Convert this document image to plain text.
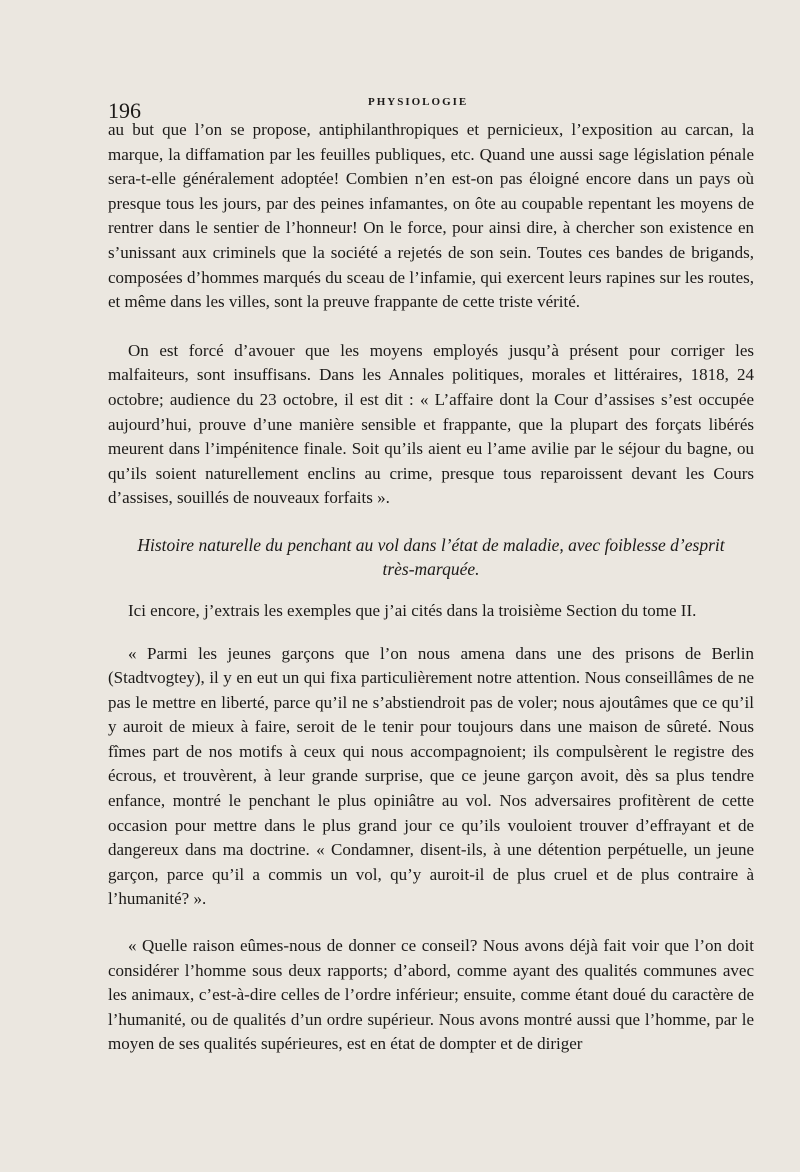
196	PHYSIOLOGIE

au but que l’on se propose, antiphilanthropiques et pernicieux, l’exposition au carcan, la marque, la diffamation par les feuilles publiques, etc. Quand une aussi sage législation pénale sera-t-elle généralement adoptée! Combien n’en est-on pas éloigné encore dans un pays où presque tous les jours, par des peines infamantes, on ôte au coupable repentant les moyens de rentrer dans le sentier de l’honneur! On le force, pour ainsi dire, à chercher son existence en s’unissant aux criminels que la société a rejetés de son sein. Toutes ces bandes de brigands, composées d’hommes marqués du sceau de l’infamie, qui exercent leurs rapines sur les routes, et même dans les villes, sont la preuve frappante de cette triste vérité.

On est forcé d’avouer que les moyens employés jusqu’à présent pour corriger les malfaiteurs, sont insuffisans. Dans les Annales politiques, morales et littéraires, 1818, 24 octobre; audience du 23 octobre, il est dit : « L’affaire dont la Cour d’assises s’est occupée aujourd’hui, prouve d’une manière sensible et frappante, que la plupart des forçats libérés meurent dans l’impénitence finale. Soit qu’ils aient eu l’ame avilie par le séjour du bagne, ou qu’ils soient naturellement enclins au crime, presque tous reparoissent devant les Cours d’assises, souillés de nouveaux forfaits ».

Histoire naturelle du penchant au vol dans l’état de maladie, avec foiblesse d’esprit

très-marquée.

Ici encore, j’extrais les exemples que j’ai cités dans la troisième Section du tome II.

« Parmi les jeunes garçons que l’on nous amena dans une des prisons de Berlin (Stadtvogtey), il y en eut un qui fixa particulièrement notre attention. Nous conseillâmes de ne pas le mettre en liberté, parce qu’il ne s’abstiendroit pas de voler; nous ajoutâmes que ce qu’il y auroit de mieux à faire, seroit de le tenir pour toujours dans une maison de sûreté. Nous fîmes part de nos motifs à ceux qui nous accompagnoient; ils compulsèrent le registre des écrous, et trouvèrent, à leur grande surprise, que ce jeune garçon avoit, dès sa plus tendre enfance, montré le penchant le plus opiniâtre au vol. Nos adversaires profitèrent de cette occasion pour mettre dans le plus grand jour ce qu’ils vouloient trouver d’effrayant et de dangereux dans ma doctrine. « Condamner, disent-ils, à une détention perpétuelle, un jeune garçon, parce qu’il a commis un vol, qu’y auroit-il de plus cruel et de plus contraire à l’humanité? ».

« Quelle raison eûmes-nous de donner ce conseil? Nous avons déjà fait voir que l’on doit considérer l’homme sous deux rapports; d’abord, comme ayant des qualités communes avec les animaux, c’est-à-dire celles de l’ordre inférieur; ensuite, comme étant doué du caractère de l’humanité, ou de qualités d’un ordre supérieur. Nous avons montré aussi que l’homme, par le moyen de ses qualités supérieures, est en état de dompter et de diriger
